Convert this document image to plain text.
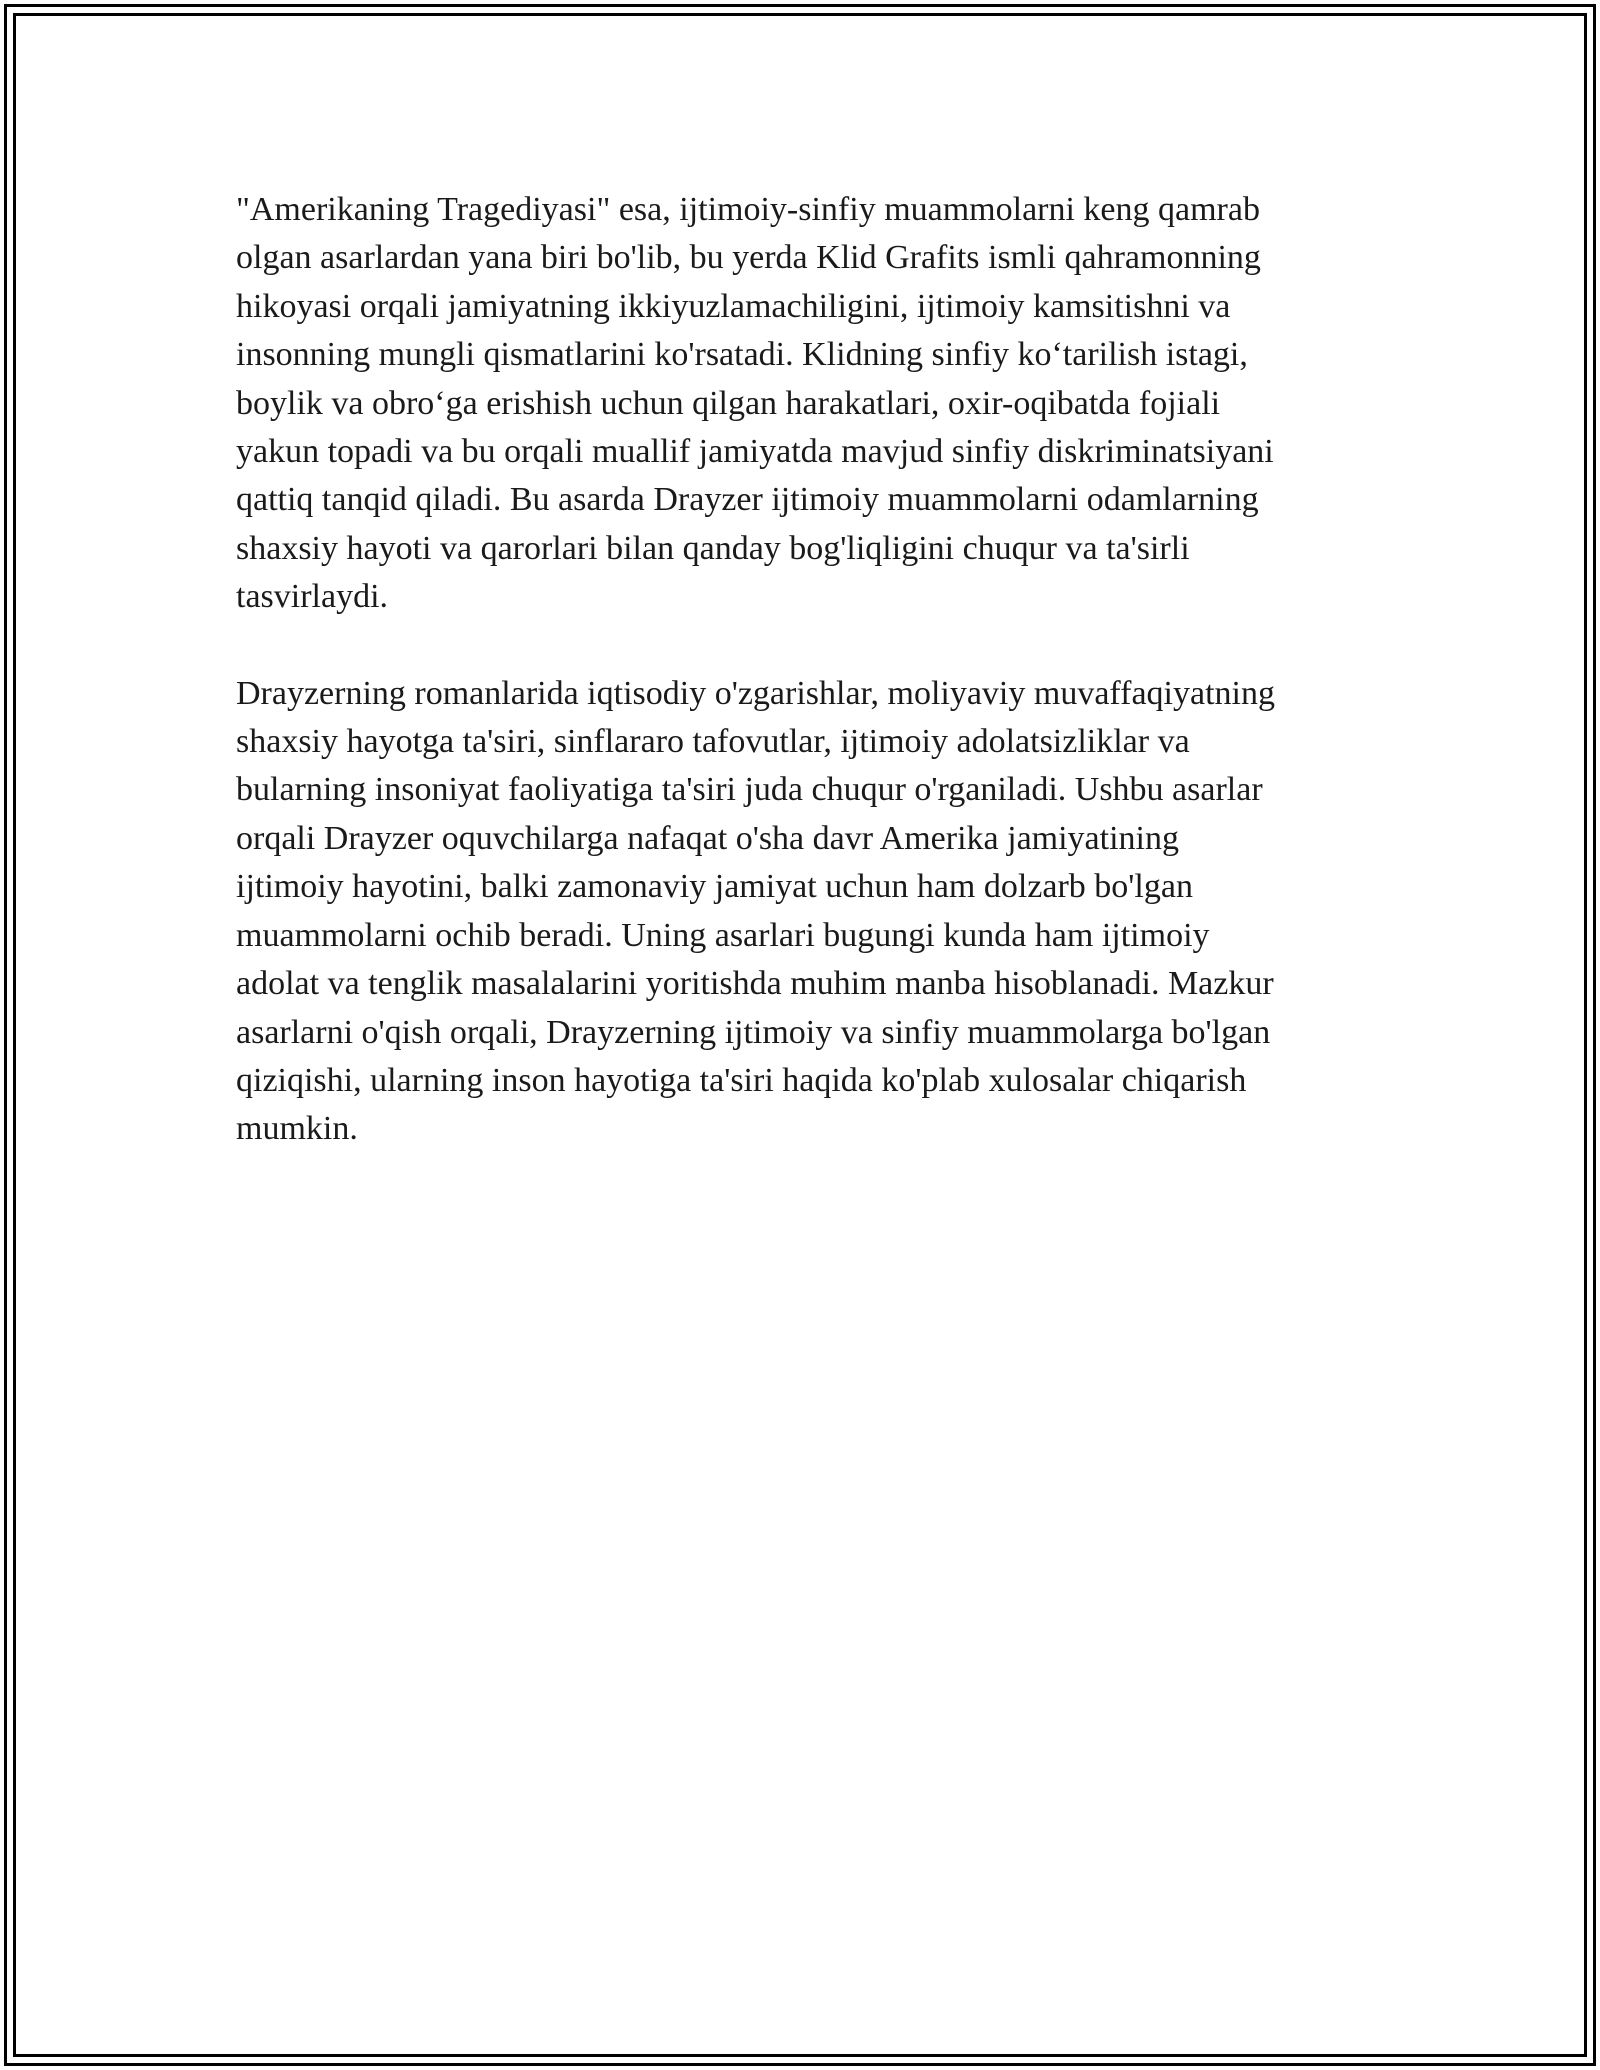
"Amerikaning Tragediyasi" esa, ijtimoiy-sinfiy muammolarni keng qamrab
olgan asarlardan yana biri bo'lib, bu yerda Klid Grafits ismli qahramonning
hikoyasi orqali jamiyatning ikkiyuzlamachiligini, ijtimoiy kamsitishni va
insonning mungli qismatlarini ko'rsatadi. Klidning sinfiy koʻtarilish istagi,
boylik va obroʻga erishish uchun qilgan harakatlari, oxir-oqibatda fojiali
yakun topadi va bu orqali muallif jamiyatda mavjud sinfiy diskriminatsiyani
qattiq tanqid qiladi. Bu asarda Drayzer ijtimoiy muammolarni odamlarning
shaxsiy hayoti va qarorlari bilan qanday bog'liqligini chuqur va ta'sirli
tasvirlaydi.

Drayzerning romanlarida iqtisodiy o'zgarishlar, moliyaviy muvaffaqiyatning
shaxsiy hayotga ta'siri, sinflararo tafovutlar, ijtimoiy adolatsizliklar va
bularning insoniyat faoliyatiga ta'siri juda chuqur o'rganiladi. Ushbu asarlar
orqali Drayzer oquvchilarga nafaqat o'sha davr Amerika jamiyatining
ijtimoiy hayotini, balki zamonaviy jamiyat uchun ham dolzarb bo'lgan
muammolarni ochib beradi. Uning asarlari bugungi kunda ham ijtimoiy
adolat va tenglik masalalarini yoritishda muhim manba hisoblanadi. Mazkur
asarlarni o'qish orqali, Drayzerning ijtimoiy va sinfiy muammolarga bo'lgan
qiziqishi, ularning inson hayotiga ta'siri haqida ko'plab xulosalar chiqarish
mumkin.
